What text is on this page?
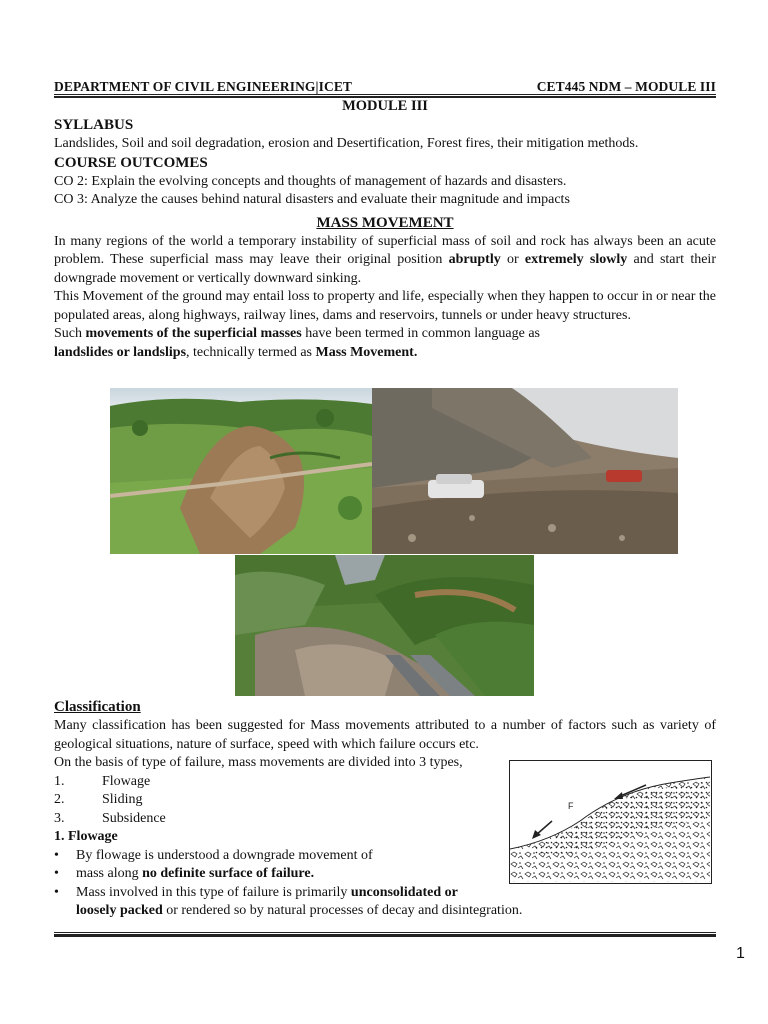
DEPARTMENT OF CIVIL ENGINEERING|ICET	CET445 NDM – MODULE III

MODULE III

SYLLABUS

Landslides, Soil and soil degradation, erosion and Desertification, Forest fires, their mitigation methods.

COURSE OUTCOMES

CO 2: Explain the evolving concepts and thoughts of management of hazards and disasters.

CO 3: Analyze the causes behind natural disasters and evaluate their magnitude and impacts

MASS MOVEMENT

In many regions of the world a temporary instability of superficial mass of soil and rock has always been an acute problem. These superficial mass may leave their original position abruptly or extremely slowly and start their downgrade movement or vertically downward sinking.

This Movement of the ground may entail loss to property and life, especially when they happen to occur in or near the populated areas, along highways, railway lines, dams and reservoirs, tunnels or under heavy structures.

Such movements of the superficial masses have been termed in common language as

landslides or landslips, technically termed as Mass Movement.

Classification

Many classification has been suggested for Mass movements attributed to a number of factors such as variety of geological situations, nature of surface, speed with which failure occurs etc.

On the basis of type of failure, mass movements are divided into 3 types,

1.	Flowage
2.	Sliding
3.	Subsidence

1. Flowage

•	By flowage is understood a downgrade movement of
•	mass along no definite surface of failure.
•	Mass involved in this type of failure is primarily unconsolidated or
loosely packed or rendered so by natural processes of decay and disintegration.
F
1
